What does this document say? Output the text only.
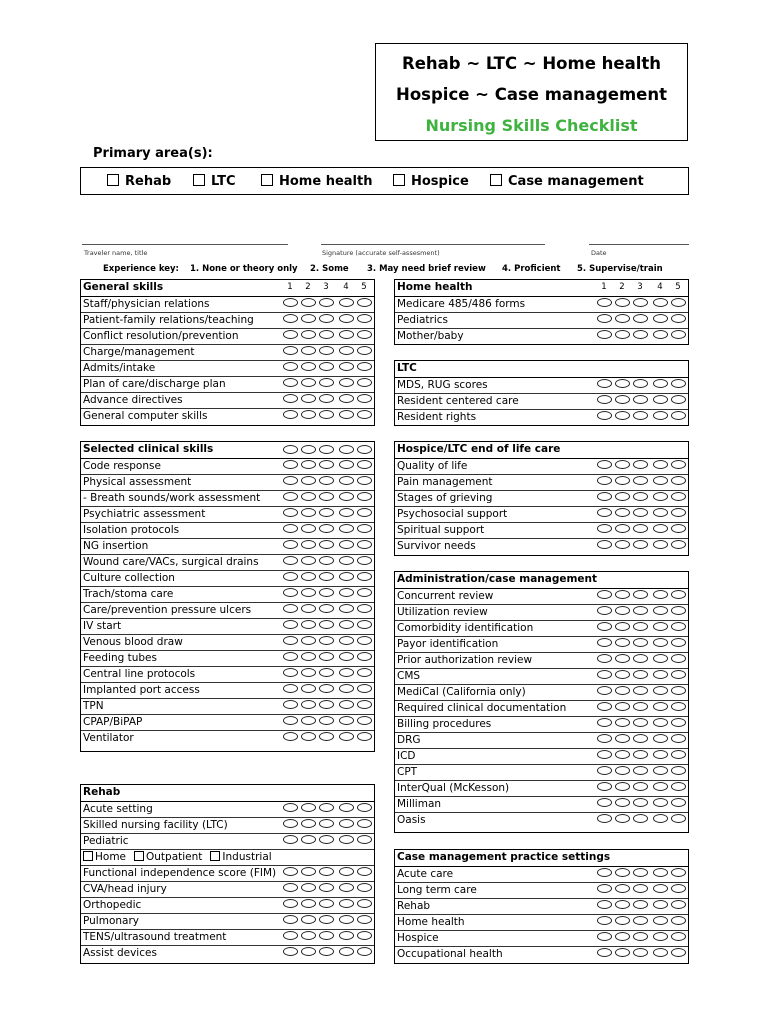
Rehab ~ LTC ~ Home health
Hospice ~ Case management
Nursing Skills Checklist
Primary area(s):
Rehab	LTC	Home health	Hospice	Case management
Traveler name, title	Signature (accurate self-assesment)	Date
Experience key: 1. None or theory only 2. Some 3. May need brief review 4. Proficient 5. Supervise/train
General skills	1 2 3 4 5
Staff/physician relations
Patient-family relations/teaching
Conflict resolution/prevention
Charge/management
Admits/intake
Plan of care/discharge plan
Advance directives
General computer skills
Selected clinical skills
Code response
Physical assessment
- Breath sounds/work assessment
Psychiatric assessment
Isolation protocols
NG insertion
Wound care/VACs, surgical drains
Culture collection
Trach/stoma care
Care/prevention pressure ulcers
IV start
Venous blood draw
Feeding tubes
Central line protocols
Implanted port access
TPN
CPAP/BiPAP
Ventilator
Rehab
Acute setting
Skilled nursing facility (LTC)
Pediatric
Home Outpatient Industrial
Functional independence score (FIM)
CVA/head injury
Orthopedic
Pulmonary
TENS/ultrasound treatment
Assist devices
Home health	1 2 3 4 5
Medicare 485/486 forms
Pediatrics
Mother/baby
LTC
MDS, RUG scores
Resident centered care
Resident rights
Hospice/LTC end of life care
Quality of life
Pain management
Stages of grieving
Psychosocial support
Spiritual support
Survivor needs
Administration/case management
Concurrent review
Utilization review
Comorbidity identification
Payor identification
Prior authorization review
CMS
MediCal (California only)
Required clinical documentation
Billing procedures
DRG
ICD
CPT
InterQual (McKesson)
Milliman
Oasis
Case management practice settings
Acute care
Long term care
Rehab
Home health
Hospice
Occupational health
